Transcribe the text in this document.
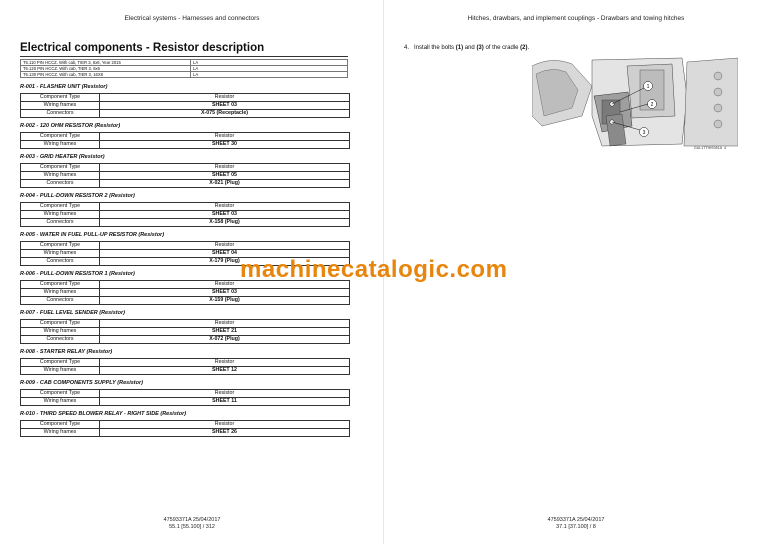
Electrical systems - Harnesses and connectors
Electrical components - Resistor description
T6.110 PIN HCCZ. With cab, TIER 3, 6x6, Year 2015	LA
T6.120 PIN HCCZ. With cab, TIER 3, 6x6	LA
T6.130 PIN HCCZ. With cab, TIER 3, 16X8	LA
R-001 - FLASHER UNIT (Resistor)
Component Type	Resistor
Wiring frames	SHEET 03
Connectors	X-075 (Receptacle)
R-002 - 120 OHM RESISTOR (Resistor)
Component Type	Resistor
Wiring frames	SHEET 30
R-003 - GRID HEATER (Resistor)
Component Type	Resistor
Wiring frames	SHEET 05
Connectors	X-021 (Plug)
R-004 - PULL-DOWN RESISTOR 2 (Resistor)
Component Type	Resistor
Wiring frames	SHEET 03
Connectors	X-158 (Plug)
R-005 - WATER IN FUEL PULL-UP RESISTOR (Resistor)
Component Type	Resistor
Wiring frames	SHEET 04
Connectors	X-179 (Plug)
R-006 - PULL-DOWN RESISTOR 1 (Resistor)
Component Type	Resistor
Wiring frames	SHEET 03
Connectors	X-159 (Plug)
R-007 - FUEL LEVEL SENDER (Resistor)
Component Type	Resistor
Wiring frames	SHEET 21
Connectors	X-072 (Plug)
R-008 - STARTER RELAY (Resistor)
Component Type	Resistor
Wiring frames	SHEET 12
R-009 - CAB COMPONENTS SUPPLY (Resistor)
Component Type	Resistor
Wiring frames	SHEET 11
R-010 - THIRD SPEED BLOWER RELAY - RIGHT SIDE (Resistor)
Component Type	Resistor
Wiring frames	SHEET 26
47593371A 25/04/2017
55.1 [55.100] / 312
Hitches, drawbars, and implement couplings - Drawbars and towing hitches
4. Install the bolts (1) and (3) of the cradle (2).
1
2
3
GUL17THIS051A 4
47593371A 25/04/2017
37.1 [37.100] / 8
machinecatalogic.com
